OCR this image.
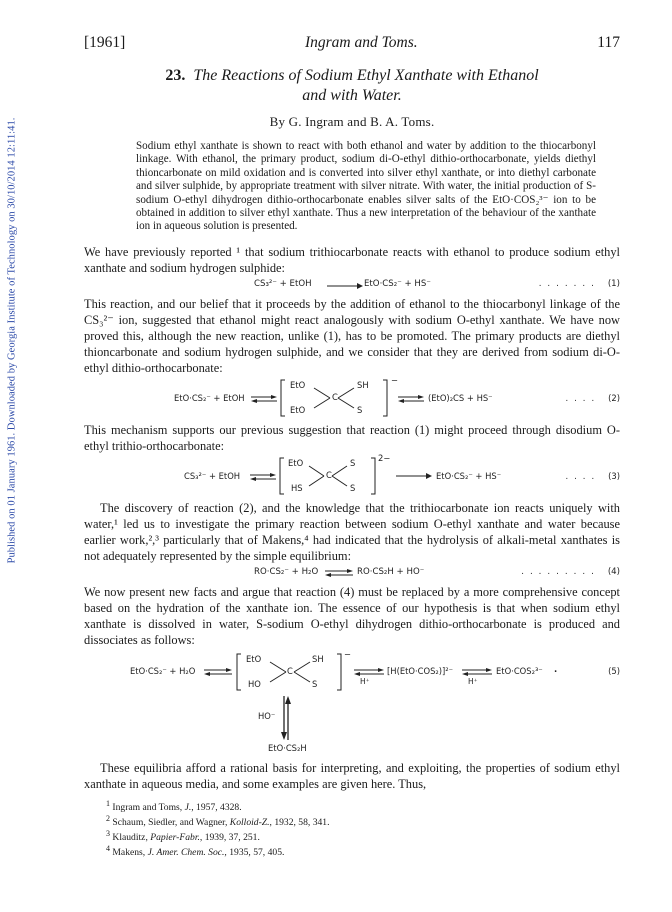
Published on 01 January 1961. Downloaded by Georgia Institute of Technology on 30/10/2014 12:11:41.
[1961]	Ingram and Toms.	117
23. The Reactions of Sodium Ethyl Xanthate with Ethanol
and with Water.
By G. Ingram and B. A. Toms.
Sodium ethyl xanthate is shown to react with both ethanol and water by addition to the thiocarbonyl linkage. With ethanol, the primary product, sodium di-O-ethyl dithio-orthocarbonate, yields diethyl thioncarbonate on mild oxidation and is converted into silver ethyl xanthate, or into diethyl carbonate and silver sulphide, by appropriate treatment with silver nitrate. With water, the initial production of S-sodium O-ethyl dihydrogen dithio-orthocarbonate enables silver salts of the EtO·COS₂³⁻ ion to be obtained in addition to silver ethyl xanthate. Thus a new interpretation of the behaviour of the xanthate ion in aqueous solution is presented.
We have previously reported ¹ that sodium trithiocarbonate reacts with ethanol to produce sodium ethyl xanthate and sodium hydrogen sulphide:
CS₃²⁻ + EtOH	EtO·CS₂⁻ + HS⁻	....... (1)
This reaction, and our belief that it proceeds by the addition of ethanol to the thiocarbonyl linkage of the CS₃²⁻ ion, suggested that ethanol might react analogously with sodium O-ethyl xanthate. We have now proved this, although the new reaction, unlike (1), has to be promoted. The primary products are diethyl thioncarbonate and sodium hydrogen sulphide, and we consider that they are derived from sodium di-O-ethyl dithio-orthocarbonate:
EtO·CS₂⁻ + EtOH ⇌
EtO
C
SH
EtO	S
−
⇌ (EtO)₂CS + HS⁻	.... (2)
This mechanism supports our previous suggestion that reaction (1) might proceed through disodium O-ethyl trithio-orthocarbonate:
CS₃²⁻ + EtOH ⇌
EtO
C
S
HS	S
2−
EtO·CS₂⁻ + HS⁻	.... (3)
The discovery of reaction (2), and the knowledge that the trithiocarbonate ion reacts uniquely with water,¹ led us to investigate the primary reaction between sodium O-ethyl xanthate and water because earlier work,²,³ particularly that of Makens,⁴ had indicated that the hydrolysis of alkali-metal xanthates is not adequately represented by the simple equilibrium:
RO·CS₂⁻ + H₂O ⇌ RO·CS₂H + HO⁻	......... (4)
We now present new facts and argue that reaction (4) must be replaced by a more comprehensive concept based on the hydration of the xanthate ion. The essence of our hypothesis is that when sodium ethyl xanthate is dissolved in water, S-sodium O-ethyl dihydrogen dithio-orthocarbonate is produced and dissociates as follows:
EtO·CS₂⁻ + H₂O ⇌
EtO
C
SH
HO	S
−
H⁺
[H(EtO·COS₂)]²⁻ ⇌
H⁺
EtO·COS₂³⁻ .	(5)
HO⁻
EtO·CS₂H
These equilibria afford a rational basis for interpreting, and exploiting, the properties of sodium ethyl xanthate in aqueous media, and some examples are given here. Thus,
$^1$ Ingram and Toms, J., 1957, 4328.
$^2$ Schaum, Siedler, and Wagner, Kolloid-Z., 1932, 58, 341.
$^3$ Klauditz, Papier-Fabr., 1939, 37, 251.
$^4$ Makens, J. Amer. Chem. Soc., 1935, 57, 405.
